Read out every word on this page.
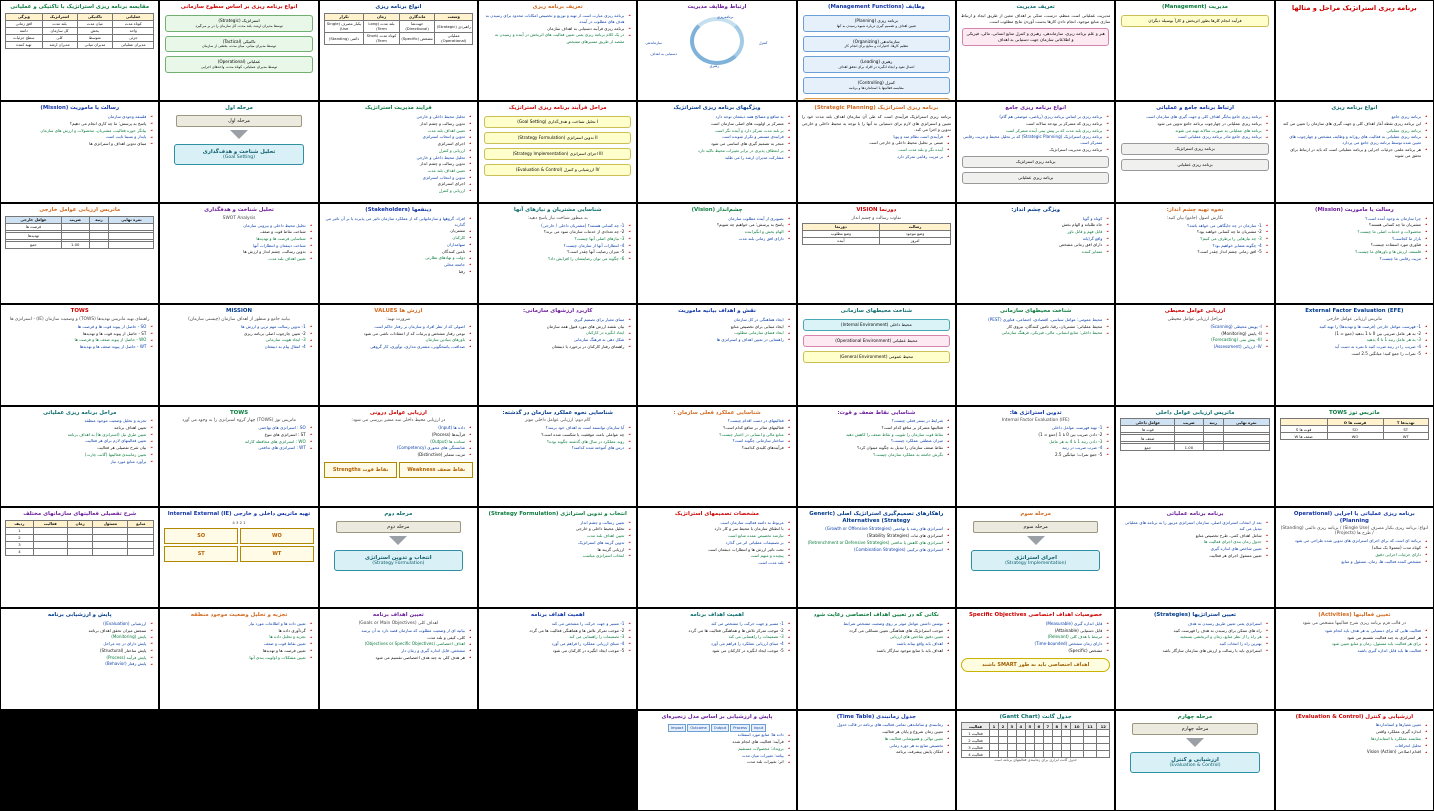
برنامه ریزی استراتژیک مراحل و مثالها
مدیریت (Management)
فرآیند انجام کارها بطور اثربخش و کارآ بوسیله دیگران
تعریف مدیریت
مدیریت عملیاتی است منظم، درست، متکی بر اهداف معین از طریق ایجاد و ارتباط سازی منابع موجود، انجام دادن کارها بدست آوردن نتایج مطلوب است.
هنر و علم برنامه ریزی، سازماندهی، رهبری و کنترل منابع انسانی، مالی، فیزیکی و اطلاعاتی سازمان جهت دستیابی به اهداف
وظایف (Management Functions)
برنامه ریزی (Planning)
تعیین اهداف و تصمیم گیری درباره شیوه رسیدن به آنها
سازماندهی (Organizing)
تنظیم کارها، اختیارات و منابع برای انجام کار
رهبری (Leading)
اعمال نفوذ و ایجاد انگیزه در افراد برای تحقق اهداف
کنترل (Controlling)
مقایسه فعالیتها با استانداردها و برنامه
ارتباط وظایف مدیریت
برنامه‌ریزی
سازماندهی
رهبری
کنترل
دستیابی به اهداف
تعریف برنامه ریزی
◄ برنامه ریزی عبارت است از تهیه و توزیع و تخصیص امکانات محدود برای رسیدن به هدف های مطلوب در آینده
◄ برنامه ریزی فرآیند دستیابی به اهداف سازمان
◄ در یک کلام برنامه ریزی یعنی تعیین فعالیت های اثربخش در آینده و رسیدن به مقصد از طریق مسیرهای مشخص
انواع برنامه ریزی
وسعت	ماندگاری	زمان	تکرار
راهبردی (Strategic)	جهت‌نما (Directional)	بلند مدت (Long Term)	یکبار مصرف (Single Use)
عملیاتی (Operational)	مشخص (Specific)	کوتاه مدت (Short Term)	دائمی (Standing)
انواع برنامه ریزی بر اساس سطوح سازمانی
استراتژیک (Strategic)
توسط مدیران ارشد، بلند مدت، کل سازمان را در بر می‌گیرد
تاکتیکی (Tactical)
توسط مدیران میانی، میان مدت، بخشی از سازمان
عملیاتی (Operational)
توسط مدیران عملیاتی، کوتاه مدت، واحدهای اجرایی
مقایسه برنامه ریزی استراتژیک با تاکتیکی و عملیاتی
عملیاتی	تاکتیکی	استراتژیک	ویژگی
کوتاه مدت	میان مدت	بلند مدت	افق زمانی
واحد	بخش	کل سازمان	دامنه
جزئی	متوسط	کلی	سطح جزئیات
مدیران عملیاتی	مدیران میانی	مدیران ارشد	تهیه کننده
انواع برنامه ریزی
◄ برنامه ریزی جامع
◄ این برنامه ریزی نقطه آغاز اهداف کلی و جهت گیری های سازمان را تعیین می کند
◄ برنامه ریزی عملیاتی
◄ برنامه ریزی عملیاتی به فعالیت های روزانه و وظایف مشخص و چهارچوب های تعیین شده توسط برنامه ریزی جامع می پردازد
◄ هر برنامه علمی جزئیات اجرایی و برنامه عملیاتی است که باید در ارتباط برای تحقق می شوند
ارتباط برنامه جامع و عملیاتی
◄ برنامه ریزی جامع بیانگر اهداف کلی و جهت گیری های سازمان است
◄ برنامه ریزی عملیاتی در چهارچوب برنامه جامع تدوین می شود
◄ برنامه های عملیاتی به صورت سالانه تهیه می شوند
◄ برنامه ریزی جامع مادر برنامه ریزی عملیاتی است
برنامه ریزی استراتژیک
برنامه ریزی عملیاتی
انواع برنامه ریزی جامع
◄ برنامه ریزی بر اساس برنامه ریزی (ریاضی، موضعی هم گام)
◄ برنامه ریزی که متمرکز بر بودجه سالانه است
◄ برنامه ریزی بلند مدت که بر پیش بینی آینده متمرکز است
◄ برنامه ریزی استراتژیک (Strategic Planning) که بر تحلیل محیط و مزیت رقابتی متمرکز است
◄ برنامه ریزی مدیریت استراتژیک
برنامه ریزی استراتژیک
برنامه ریزی عملیاتی
برنامه ریزی استراتژیک (Strategic Planning)
برنامه ریزی استراتژیک فرآیندی است که طی آن سازمان اهداف بلند مدت خود را تعیین و استراتژی های لازم برای دستیابی به آنها را با توجه به محیط داخلی و خارجی تدوین و اجرا می کند.
◄ فرآیندی است نظام مند و پویا
◄ مبتنی بر تحلیل محیط داخلی و خارجی است
◄ آینده نگر و بلند مدت است
◄ بر مزیت رقابتی تمرکز دارد
ویژگیهای برنامه ریزی استراتژیک
◄ به منافع و مصالح همه ذینفعان توجه دارد
◄ متمرکز بر اولویت های اصلی سازمان است
◄ بر بلند مدت تمرکز دارد و آینده نگر است
◄ فرایندی مستمر و تکرار شونده است
◄ منجر به تصمیم گیری های اساسی می شود
◄ بر انعطاف پذیری در برابر تغییرات محیط تاکید دارد
◄ مشارکت مدیران ارشد را می طلبد
مراحل فرآیند برنامه ریزی استراتژیک
I تحلیل شناخت و هدف‌گذاری (Goal Setting)
II تدوین استراتژی (Strategy Formulation)
III اجرای استراتژی (Strategy Implementation)
IV ارزشیابی و کنترل (Evaluation & Control)
فرایند مدیریت استراتژیک
◄ تحلیل محیط داخلی و خارجی
◄ تدوین رسالت و چشم انداز
◄ تعیین اهداف بلند مدت
◄ تدوین و انتخاب استراتژی
◄ اجرای استراتژی
◄ ارزیابی و کنترل
◄ تحلیل محیط داخلی و خارجی
◄ تدوین رسالت و چشم انداز
◄ تعیین اهداف بلند مدت
◄ تدوین و انتخاب استراتژی
◄ اجرای استراتژی
◄ ارزیابی و کنترل
مرحله اول
مرحله اول
تحلیل شناخت و هدف‌گذاری
(Goal Setting)
رسالت یا ماموریت (Mission)
◄ فلسفه وجودی سازمان
◄ پاسخ به پرسش: ما چه کاری انجام می دهیم؟
◄ بیانگر حوزه فعالیت، مشتریان، محصولات و ارزش های سازمان
◄ پایدار و نسبتا ثابت است
◄ مبنای تدوین اهداف و استراتژی ها
رسالت یا ماموریت (Mission)
◄ چرا سازمان به وجود آمده است؟
◄ مشتریان ما چه کسانی هستند؟
◄ محصولات و خدمات اصلی ما چیست؟
◄ بازار ما کجاست؟
◄ فناوری مورد استفاده چیست؟
◄ فلسفه، ارزش ها و باورهای ما چیست؟
◄ مزیت رقابتی ما چیست؟
نحوه تهیه چشم انداز:
نگارش اصول (جامع) بیان کنید:
◄ 1- سازمان در چه جایگاهی می خواهد باشد؟
◄ 2- مشتریان ما چه کسانی خواهند بود؟
◄ 3- چه نیازهایی را برطرف می کنیم؟
◄ 4- چگونه متمایز خواهیم بود؟
◄ 5- افق زمانی چشم انداز چقدر است؟
ویژگی چشم انداز:
◄ کوتاه و گویا
◄ جاه طلبانه و الهام بخش
◄ قابل فهم و قابل باور
◄ واقع گرایانه
◄ دارای افق زمانی مشخص
◄ متمایز کننده
دورنما VISION
تفاوت رسالت و چشم انداز
رسالت	دورنما
وضع موجود	وضع مطلوب
امروز	آینده
چشم‌انداز (Vision)
◄ تصویری از آینده مطلوب سازمان
◄ پاسخ به پرسش: می خواهیم چه شویم؟
◄ الهام بخش و انگیزاننده
◄ دارای افق زمانی بلند مدت
شناسایی مشتریان و نیازهای آنها
به منظور شناخت نیاز پاسخ دهید:
◄ 1- چه کسانی هستند؟ (مشتریان داخلی / خارجی)
◄ 2- چه تعدادی از خدمات سازمان سود می برند؟
◄ 3- نیازهای اصلی آنها چیست؟
◄ 4- انتظارات آنها از سازمان چیست؟
◄ 5- میزان رضایت آنها چقدر است؟
◄ 6- چگونه می توان رضایتشان را افزایش داد؟
ذینفعها (Stakeholders)
◄ افراد، گروهها و سازمانهایی که از عملکرد سازمان تاثیر می پذیرند یا بر آن تاثیر می گذارند
◄ مشتریان
◄ کارکنان
◄ سهامداران
◄ تامین کنندگان
◄ دولت و نهادهای نظارتی
◄ جامعه محلی
◄ رقبا
تحلیل شناخت و هدفگذاری
SWOT Analysis
◄ تحلیل محیط داخلی و بیرونی سازمان
◄ شناخت نقاط قوت و ضعف
◄ شناسایی فرصت ها و تهدیدها
◄ شناخت ذینفعان و انتظارات آنها
◄ تدوین رسالت، چشم انداز و ارزش ها
◄ تعیین اهداف بلند مدت
ماتریس ارزیابی عوامل خارجی
نمره نهایی	رتبه	ضریب	عوامل خارجی
			فرصت ها

			تهدیدها

		1.00	جمع
External Factor Evaluation (EFE)
ماتریس ارزیابی عوامل خارجی
◄ 1- فهرست عوامل خارجی (فرصت ها و تهدیدها) را تهیه کنید
◄ 2- به هر عامل ضریبی بین 0 تا 1 بدهید (جمع = 1)
◄ 3- به هر عامل رتبه 1 تا 4 بدهید
◄ 4- ضریب را در رتبه ضرب کنید تا نمره به دست آید
◄ 5- نمرات را جمع کنید؛ میانگین 2.5 است
ارزیابی عوامل محیطی
مراحل ارزیابی عوامل محیطی
◄ I- پویش محیطی (Scanning)
◄ II- پایش (Monitoring)
◄ III- پیش بینی (Forecasting)
◄ IV- ارزیابی (Assessment)
شناخت محیطهای سازمانی
◄ محیط عمومی: عوامل سیاسی، اقتصادی، اجتماعی، فناوری (PEST)
◄ محیط عملیاتی: مشتریان، رقبا، تامین کنندگان، نیروی کار
◄ محیط داخلی: منابع انسانی، مالی، فیزیکی، فرهنگ سازمانی
شناخت محیطهای سازمانی
محیط داخلی (Internal Environment)
محیط عملیاتی (Operational Environment)
محیط عمومی (General Environment)
نقش و اهداف بیانیه ماموریت
◄ ایجاد هماهنگی در کل سازمان
◄ ایجاد مبنایی برای تخصیص منابع
◄ ایجاد فضای سازمانی مطلوب
◄ راهنمایی در تعیین اهداف و استراتژی ها
کاربرد ارزشهای سازمانی:
◄ مبنای معیار برای تصمیم گیری
◄ بیان نقشه ارزش های مورد قبول همه سازمان
◄ ایجاد انگیزه در کارکنان
◄ شکل دهی به فرهنگ سازمانی
◄ راهنمای رفتار کارکنان در برخورد با ذینفعان
ارزش ها VALUES
ضرورت تهیه:
◄ اصولی که از نظر افراد و سازمان بر رفتار حاکم است
◄ نوعی رفتار مشخص و پرثبات که از اعتقادات ناشی می شود
◄ باورهای بنیادین سازمان
◄ صداقت، پاسخگویی، مشتری مداری، نوآوری، کار گروهی
MISSION
بیانیه جامع و منظور از اهداف سازمان (چیستی سازمان)
◄ 1- تدوین رسالت مهم ترین و ارزش ها
◄ 2- تعیین چارچوب اصلی برنامه ریزی
◄ 3- ایجاد هویت سازمانی
◄ 4- انتقال پیام به ذینفعان
TOWS
راهنمای تهیه ماتریس تهدیدها (TOWS) و وضعیت سازمان (IE) - استراتژی ها
◄ SO - حاصل از پیوند قوت ها و فرصت ها
◄ ST - حاصل از پیوند قوت ها و تهدیدها
◄ WO - حاصل از پیوند ضعف ها و فرصت ها
◄ WT - حاصل از پیوند ضعف ها و تهدیدها
ماتریس توز TOWS
تهدیدها T	فرصت ها O	
ST	SO	قوت ها S
WT	WO	ضعف ها W
ماتریس ارزیابی عوامل داخلی
نمره نهایی	رتبه	ضریب	عوامل داخلی
			قوت ها

			ضعف ها

		1.00	جمع
تدوین استراتژی ها:
Internal Factor Evaluation (IFE)
◄ 1- تهیه فهرست عوامل داخلی
◄ 2- دادن ضریب بین 0 تا 1 (جمع = 1)
◄ 3- دادن رتبه 1 تا 4 به هر عامل
◄ 4- ضرب ضریب در رتبه
◄ 5- جمع نمرات؛ میانگین 2.5
شناسایی نقاط ضعف و قوت:
◄ شرایط در بستر فعلی چیست؟
◄ فعالیتها متمرکز بر منافع کدام است؟
◄ نقاط قوت سازمان را تقویت و نقاط ضعف را کاهش دهید
◄ میزان منطقی عملکرد چیست؟
◄ نقاط ضعف سازمان را تبدیل به چگونه میتوان کرد؟
◄ نگرش جامعه به عملکرد سازمان چیست؟
شناسایی عملکرد فعلی سازمان :
◄ فعالیتهای در دست اقدام چیست؟
◄ فعالیتهای متاثر بر منافع کدام است؟
◄ منابع مالی و انسانی در اختیار چیست؟
◄ ساختار سازمانی چگونه است؟
◄ فرآیندهای کلیدی کدامند؟
شناسایی نحوه عملکرد سازمان در گذشته:
گام دوم: ارزیابی عوامل داخلی موثر
◄ آیا سازمان توانسته است به اهداف خود برسد؟
◄ چه عواملی باعث موفقیت یا شکست شده است؟
◄ روند عملکرد در سال های گذشته چگونه بوده؟
◄ درس های آموخته شده کدامند؟
ارزیابی عوامل درونی
در ارزیابی محیط داخلی سه متغیر بررسی می شود:
◄ داده ها (Input)
◄ فرآیندها (Process)
◄ ستانده ها (Output)
◄ شایستگی های محوری (Competency)
◄ مزیت متمایز (Distinctive)
نقاط ضعف Weakness
نقاط قوت Strengths
TOWS
ماتریس توز (TOWS) چهار گروه استراتژی را به وجود می آورد
◄ SO : استراتژی های تهاجمی
◄ ST : استراتژی های تنوع
◄ WO : استراتژی های محافظه کارانه
◄ WT : استراتژی های تدافعی
مراحل برنامه ریزی عملیاتی
◄ تجزیه و تحلیل وضعیت موجود منطقه
◄ تعیین اهداف برنامه
◄ تعیین طرق نیل (استراتژی ها) به اهداف برنامه
◄ تعیین فعالیتهای لازم برای هر فعالیت
◄ بیان شرح تفصیلی هر فعالیت
◄ تعیین زمانبندی فعالیتها (گانت چارت)
◄ برآورد منابع مورد نیاز
برنامه ریزی عملیاتی یا اجرایی (Operational Planning)
انواع: برنامه ریزی یکبار مصرف (Single Use) / برنامه ریزی دائمی (Standing) / طرح ها (Projects)
◄ برنامه ای است که برای اجرای استراتژی های تدوین شده طراحی می شود
◄ کوتاه مدت (معمولا یک ساله)
◄ دارای جزئیات اجرایی دقیق
◄ مشخص کننده فعالیت ها، زمان، مسئول و منابع
برنامه برنامه عملیاتی
◄ بعد از انتخاب استراتژی اصلی، سازمان استراتژی مزبور را به برنامه های عملیاتی تبدیل می کند
◄ شامل اهداف کمی، طرح تخصیص منابع
◄ جدول زمان بندی اجرای فعالیت ها
◄ تعیین شاخص های اندازه گیری
◄ تعیین مسئول اجرای هر فعالیت
مرحله سوم
مرحله سوم
اجرای استراتژی
(Strategy Implementation)
راهکارهای تصمیم‌گیری استراتژیک اصلی (Generic Strategy) Alternatives
◄ استراتژی های رشد یا تهاجمی (Growth or Offensive Strategies)
◄ استراتژی های ثبات (Stability Strategies)
◄ استراتژی های کاهش یا تدافعی (Retrenchment or Defensive Strategies)
◄ استراتژی های ترکیبی (Combination Strategies)
مشخصات تصمیمهای استراتژیک
◄ مربوط به دامنه فعالیت سازمان است
◄ با انطباق سازمان با محیط سر و کار دارد
◄ نیازمند تخصیص عمده منابع است
◄ بر تصمیمات عملیاتی اثر می گذارد
◄ تحت تاثیر ارزش ها و انتظارات ذینفعان است
◄ پیچیده و مبهم است
◄ بلند مدت است
انتخاب و تدوین استراتژی (Strategy Formulation)
◄ تعیین رسالت و چشم انداز
◄ تحلیل محیط داخلی و خارجی
◄ تعیین اهداف بلند مدت
◄ تدوین گزینه های استراتژیک
◄ ارزیابی گزینه ها
◄ انتخاب استراتژی مناسب
مرحله دوم
مرحله دوم
انتخاب و تدوین استراتژی
(Strategy Formulation)
تهیه ماتریس داخلی و خارجی Internal External (IE)
1 2 3 4
WO
SO
WT
ST
شرح تفصیلی فعالیتهای سازمانهای مختلف
منابع	مسئول	زمان	فعالیت	ردیف
				1
				2
				3
				4
تعیین فعالیتها (Activities)
در قالب فرم برنامه ریزی شرح فعالیتها مشخص می شود
◄ فعالیت هایی که برای دستیابی به هر هدف باید انجام شود
◄ هر استراتژی به چند فعالیت تقسیم می شود
◄ برای هر فعالیت باید مسئول، زمان و منابع تعیین شود
◄ فعالیت ها باید قابل اندازه گیری باشند
تعیین استراتژیها (Strategies)
◄ استراتژی یعنی تعیین طریق رسیدن به هدف
◄ راه های ممکن برای رسیدن به هدف را فهرست کنید
◄ هر راه را از نظر منابع، زمان و اثربخشی بسنجید
◄ بهترین راه را انتخاب کنید
◄ استراتژی باید با رسالت و ارزش های سازمان سازگار باشد
خصوصیات اهداف اختصاصی Specific Objectives
◄ قابل اندازه گیری (Measurable)
◄ قابل دستیابی (Attainable)
◄ مرتبط با هدف کلی (Relevant)
◄ دارای زمان مشخص (Time-bounded)
◄ مشخص (Specific)
اهداف اختصاصی باید به طور SMART باشند
نکاتی که در تعیین اهداف اختصاصی رعایت شود
◄ نوشتن داشتن عوامل موثر بر روی وضعیت مشخص شرایط
◄ موجب استراتژیک های هماهنگی تعیین مسائلی می گردد
◄ تعیین دقیق شاخص های ارزیابی
◄ اهداف باید واقع بینانه باشند
◄ اهداف باید با منابع موجود سازگار باشند
اهمیت اهداف برنامه
◄ 1- مسیر و جهت حرکت را مشخص می کند
◄ 2- موجب تمرکز تلاش ها و هماهنگی فعالیت ها می گردد
◄ 3- تصمیمات را راهنمایی می کند
◄ 4- مبنای ارزیابی عملکرد را فراهم می آورد
◄ 5- موجب ایجاد انگیزه در کارکنان می شود
اهمیت اهداف برنامه
◄ 1- مسیر و جهت حرکت را مشخص می کند
◄ 2- موجب تمرکز تلاش ها و هماهنگی فعالیت ها می گردد
◄ 3- تصمیمات را راهنمایی می کند
◄ 4- مبنای ارزیابی عملکرد را فراهم می آورد
◄ 5- موجب ایجاد انگیزه در کارکنان می شود
تعیین اهداف برنامه
اهداف کلی (Goals or Main Objectives)
◄ بیانیه ای از وضعیت مطلوب که سازمان قصد دارد به آن برسد
◄ کلی، کیفی و بلند مدت
◄ اهداف اختصاصی (Objectives or Specific Objectives)
◄ مشخص، قابل اندازه گیری و زمان دار
◄ هر هدف کلی به چند هدف اختصاصی تقسیم می شود
تجزیه و تحلیل وضعیت موجود منطقه
◄ تعیین داده ها و اطلاعات مورد نیاز
◄ گردآوری داده ها
◄ تجزیه و تحلیل داده ها
◄ تعیین نقاط قوت و ضعف
◄ تعیین فرصت ها و تهدیدها
◄ تعیین مشکلات و اولویت بندی آنها
پایش و ارزشیابی برنامه
◄ ارزشیابی (Evaluation))
◄ سنجش میزان تحقق اهداف برنامه
◄ پایش (Monitoring)
◄ پایش دارای در چه مراحل
◄ پایش ساختار (Structural)
◄ پایش فرآیند (Process)
◄ پایش رفتار (Behavior)
ارزشیابی و کنترل (Evaluation & Control)
◄ تعیین معیارها و استانداردها
◄ اندازه گیری عملکرد واقعی
◄ مقایسه عملکرد با استانداردها
◄ تحلیل انحرافات
◄ اقدام اصلاحی (Action) Vision
مرحله چهارم
مرحله چهارم
ارزشیابی و کنترل
(Evaluation & Control)
جدول گانت (Gantt Chart)
12	11	10	9	8	7	6	5	4	3	2	1	فعالیت
												فعالیت 1
												فعالیت 2
												فعالیت 3
												فعالیت 4
جدول گانت ابزاری برای زمانبندی فعالیتهای برنامه است
جدول زمانبندی (Time Table)
◄ زمانبندی و ساماندهی تمامی فعالیت های برنامه در قالب جدول
◄ تعیین زمان شروع و پایان هر فعالیت
◄ تعیین توالی و همپوشانی فعالیت ها
◄ تخصیص منابع به هر دوره زمانی
◄ امکان پایش پیشرفت برنامه
پایش و ارزشیابی بر اساس مدل زنجیره‌ای
Input
Process
Output
Outcome
Impact
◄ داده ها: منابع مورد استفاده
◄ فرآیند: فعالیت های انجام شده
◄ برونداد: محصولات مستقیم
◄ پیامد: تغییرات میان مدت
◄ اثر: تغییرات بلند مدت
